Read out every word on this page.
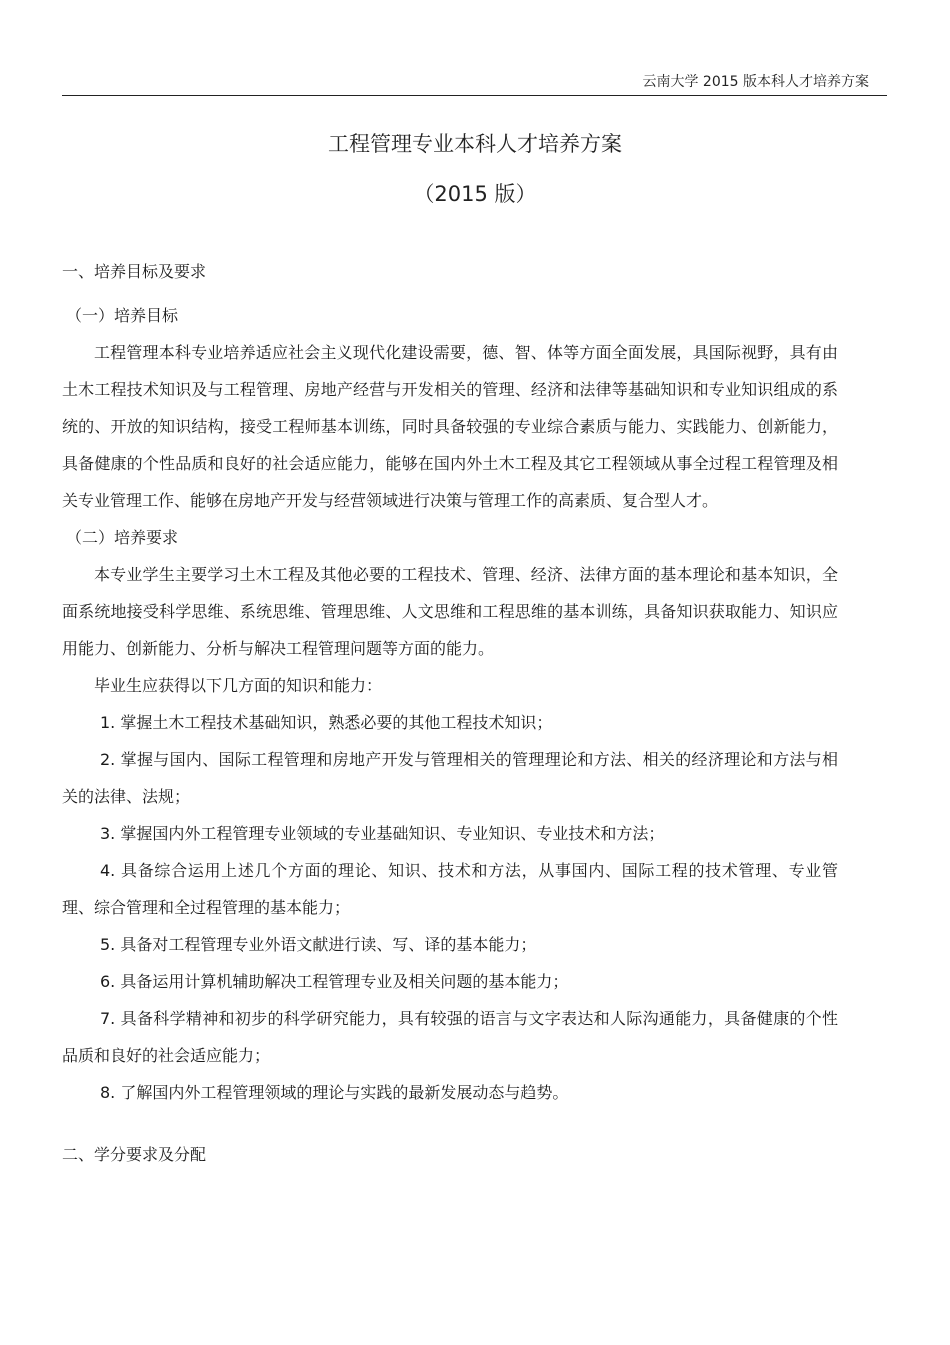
云南大学 2015 版本科人才培养方案
工程管理专业本科人才培养方案
（2015 版）

一、培养目标及要求

（一）培养目标

工程管理本科专业培养适应社会主义现代化建设需要，德、智、体等方面全面发展，具国际视野，具有由土木工程技术知识及与工程管理、房地产经营与开发相关的管理、经济和法律等基础知识和专业知识组成的系统的、开放的知识结构，接受工程师基本训练，同时具备较强的专业综合素质与能力、实践能力、创新能力，具备健康的个性品质和良好的社会适应能力，能够在国内外土木工程及其它工程领域从事全过程工程管理及相关专业管理工作、能够在房地产开发与经营领域进行决策与管理工作的高素质、复合型人才。

（二）培养要求

本专业学生主要学习土木工程及其他必要的工程技术、管理、经济、法律方面的基本理论和基本知识，全面系统地接受科学思维、系统思维、管理思维、人文思维和工程思维的基本训练，具备知识获取能力、知识应用能力、创新能力、分析与解决工程管理问题等方面的能力。

毕业生应获得以下几方面的知识和能力：

1. 掌握土木工程技术基础知识，熟悉必要的其他工程技术知识；

2. 掌握与国内、国际工程管理和房地产开发与管理相关的管理理论和方法、相关的经济理论和方法与相关的法律、法规；

3. 掌握国内外工程管理专业领域的专业基础知识、专业知识、专业技术和方法；

4. 具备综合运用上述几个方面的理论、知识、技术和方法，从事国内、国际工程的技术管理、专业管理、综合管理和全过程管理的基本能力；

5. 具备对工程管理专业外语文献进行读、写、译的基本能力；

6. 具备运用计算机辅助解决工程管理专业及相关问题的基本能力；

7. 具备科学精神和初步的科学研究能力，具有较强的语言与文字表达和人际沟通能力，具备健康的个性品质和良好的社会适应能力；

8. 了解国内外工程管理领域的理论与实践的最新发展动态与趋势。

二、学分要求及分配
